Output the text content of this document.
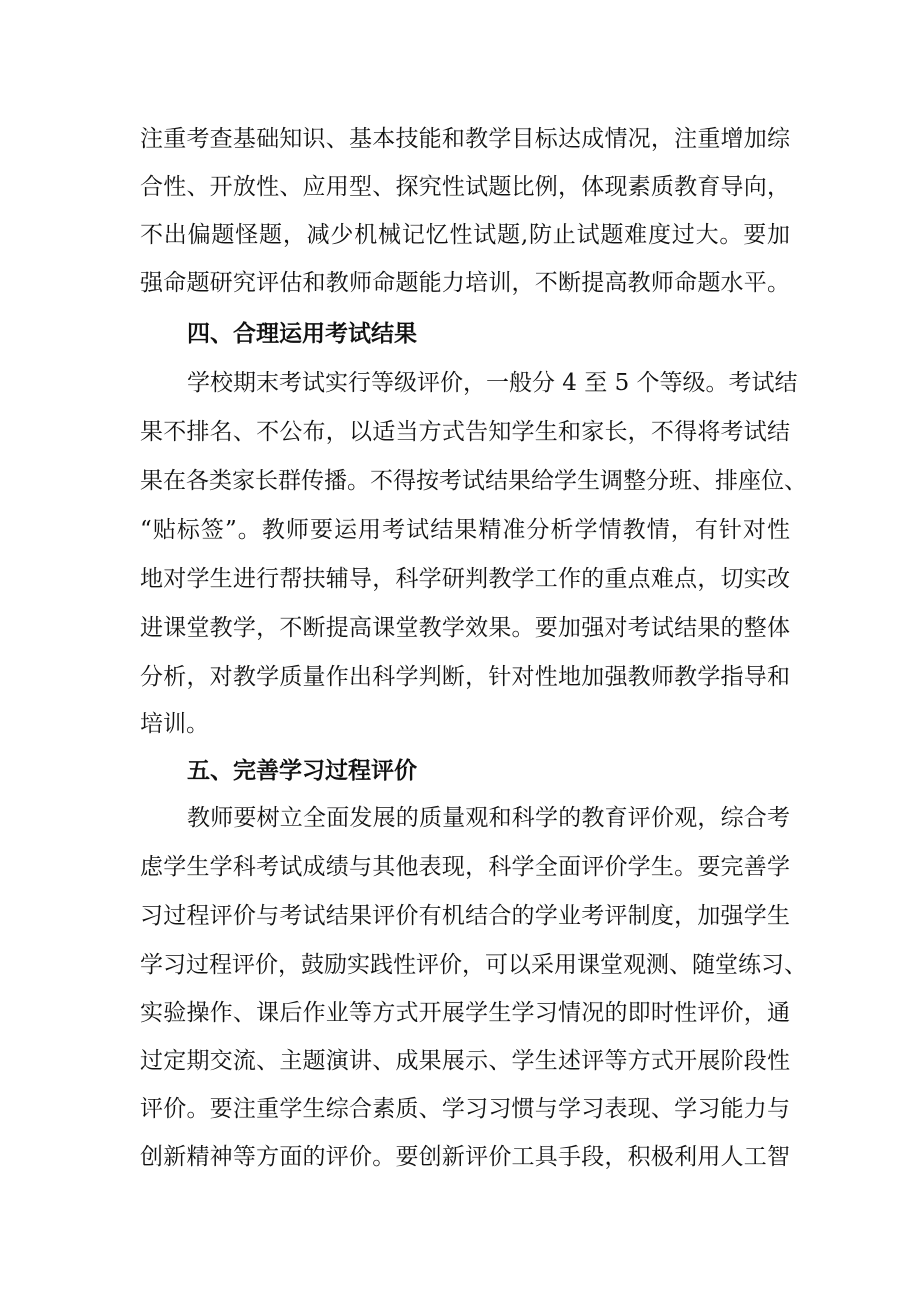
注重考查基础知识、基本技能和教学目标达成情况，注重增加综
合性、开放性、应用型、探究性试题比例，体现素质教育导向，
不出偏题怪题，减少机械记忆性试题,防止试题难度过大。要加
强命题研究评估和教师命题能力培训，不断提高教师命题水平。
四、合理运用考试结果
学校期末考试实行等级评价，一般分 4 至 5 个等级。考试结
果不排名、不公布，以适当方式告知学生和家长，不得将考试结
果在各类家长群传播。不得按考试结果给学生调整分班、排座位、
“贴标签”。教师要运用考试结果精准分析学情教情，有针对性
地对学生进行帮扶辅导，科学研判教学工作的重点难点，切实改
进课堂教学，不断提高课堂教学效果。要加强对考试结果的整体
分析，对教学质量作出科学判断，针对性地加强教师教学指导和
培训。
五、完善学习过程评价
教师要树立全面发展的质量观和科学的教育评价观，综合考
虑学生学科考试成绩与其他表现，科学全面评价学生。要完善学
习过程评价与考试结果评价有机结合的学业考评制度，加强学生
学习过程评价，鼓励实践性评价，可以采用课堂观测、随堂练习、
实验操作、课后作业等方式开展学生学习情况的即时性评价，通
过定期交流、主题演讲、成果展示、学生述评等方式开展阶段性
评价。要注重学生综合素质、学习习惯与学习表现、学习能力与
创新精神等方面的评价。要创新评价工具手段，积极利用人工智
